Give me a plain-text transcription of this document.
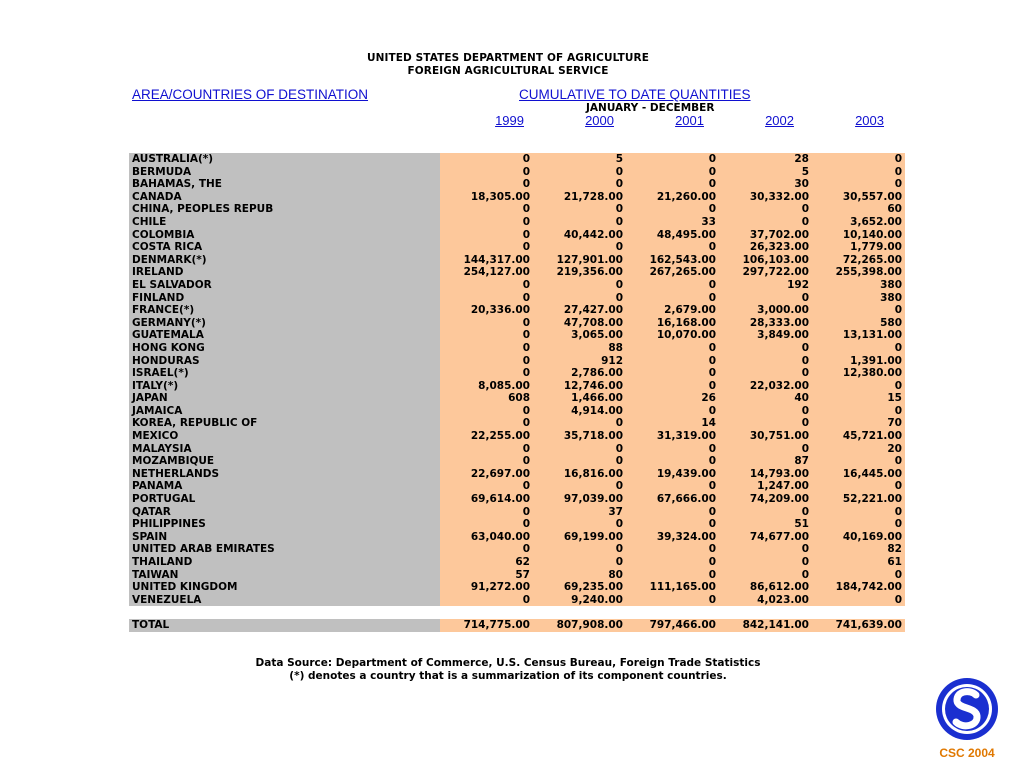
UNITED STATES DEPARTMENT OF AGRICULTURE
FOREIGN AGRICULTURAL SERVICE
AREA/COUNTRIES OF DESTINATION	CUMULATIVE TO DATE QUANTITIES
JANUARY - DECEMBER
1999	2000	2001	2002	2003
AUSTRALIA(*)	0	5	0	28	0
BERMUDA	0	0	0	5	0
BAHAMAS, THE	0	0	0	30	0
CANADA	18,305.00	21,728.00	21,260.00	30,332.00	30,557.00
CHINA, PEOPLES REPUB	0	0	0	0	60
CHILE	0	0	33	0	3,652.00
COLOMBIA	0	40,442.00	48,495.00	37,702.00	10,140.00
COSTA RICA	0	0	0	26,323.00	1,779.00
DENMARK(*)	144,317.00	127,901.00	162,543.00	106,103.00	72,265.00
IRELAND	254,127.00	219,356.00	267,265.00	297,722.00	255,398.00
EL SALVADOR	0	0	0	192	380
FINLAND	0	0	0	0	380
FRANCE(*)	20,336.00	27,427.00	2,679.00	3,000.00	0
GERMANY(*)	0	47,708.00	16,168.00	28,333.00	580
GUATEMALA	0	3,065.00	10,070.00	3,849.00	13,131.00
HONG KONG	0	88	0	0	0
HONDURAS	0	912	0	0	1,391.00
ISRAEL(*)	0	2,786.00	0	0	12,380.00
ITALY(*)	8,085.00	12,746.00	0	22,032.00	0
JAPAN	608	1,466.00	26	40	15
JAMAICA	0	4,914.00	0	0	0
KOREA, REPUBLIC OF	0	0	14	0	70
MEXICO	22,255.00	35,718.00	31,319.00	30,751.00	45,721.00
MALAYSIA	0	0	0	0	20
MOZAMBIQUE	0	0	0	87	0
NETHERLANDS	22,697.00	16,816.00	19,439.00	14,793.00	16,445.00
PANAMA	0	0	0	1,247.00	0
PORTUGAL	69,614.00	97,039.00	67,666.00	74,209.00	52,221.00
QATAR	0	37	0	0	0
PHILIPPINES	0	0	0	51	0
SPAIN	63,040.00	69,199.00	39,324.00	74,677.00	40,169.00
UNITED ARAB EMIRATES	0	0	0	0	82
THAILAND	62	0	0	0	61
TAIWAN	57	80	0	0	0
UNITED KINGDOM	91,272.00	69,235.00	111,165.00	86,612.00	184,742.00
VENEZUELA	0	9,240.00	0	4,023.00	0
TOTAL	714,775.00	807,908.00	797,466.00	842,141.00	741,639.00
Data Source: Department of Commerce, U.S. Census Bureau, Foreign Trade Statistics
(*) denotes a country that is a summarization of its component countries.
CSC 2004
